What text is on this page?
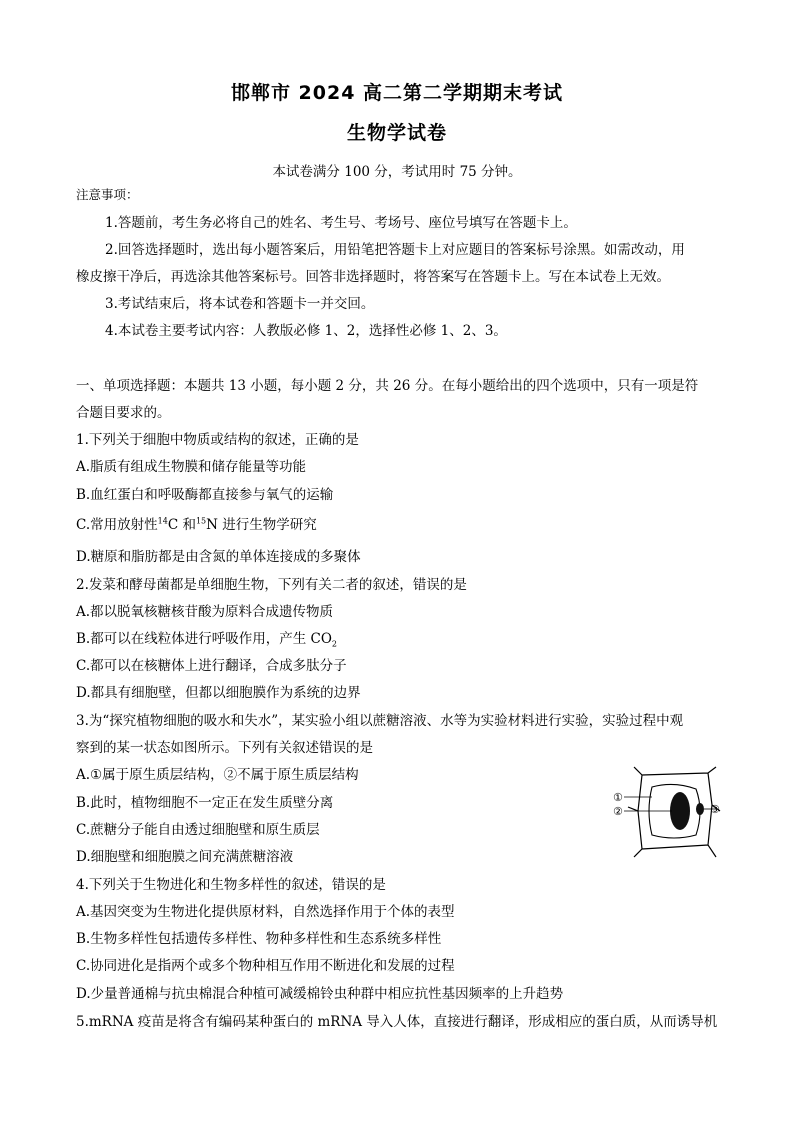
邯郸市 2024 高二第二学期期末考试
生物学试卷
本试卷满分 100 分，考试用时 75 分钟。
注意事项：
1.答题前，考生务必将自己的姓名、考生号、考场号、座位号填写在答题卡上。
2.回答选择题时，选出每小题答案后，用铅笔把答题卡上对应题目的答案标号涂黑。如需改动，用
橡皮擦干净后，再选涂其他答案标号。回答非选择题时，将答案写在答题卡上。写在本试卷上无效。
3.考试结束后，将本试卷和答题卡一并交回。
4.本试卷主要考试内容：人教版必修 1、2，选择性必修 1、2、3。
一、单项选择题：本题共 13 小题，每小题 2 分，共 26 分。在每小题给出的四个选项中，只有一项是符
合题目要求的。
1.下列关于细胞中物质或结构的叙述，正确的是
A.脂质有组成生物膜和储存能量等功能
B.血红蛋白和呼吸酶都直接参与氧气的运输
C.常用放射性$^{14}$C 和$^{15}$N 进行生物学研究
D.糖原和脂肪都是由含氮的单体连接成的多聚体
2.发菜和酵母菌都是单细胞生物，下列有关二者的叙述，错误的是
A.都以脱氧核糖核苷酸为原料合成遗传物质
B.都可以在线粒体进行呼吸作用，产生 $CO_2$
C.都可以在核糖体上进行翻译，合成多肽分子
D.都具有细胞壁，但都以细胞膜作为系统的边界
3.为“探究植物细胞的吸水和失水”，某实验小组以蔗糖溶液、水等为实验材料进行实验，实验过程中观
察到的某一状态如图所示。下列有关叙述错误的是
A.①属于原生质层结构，②不属于原生质层结构
B.此时，植物细胞不一定正在发生质壁分离
C.蔗糖分子能自由透过细胞壁和原生质层
D.细胞壁和细胞膜之间充满蔗糖溶液
①
②	③
4.下列关于生物进化和生物多样性的叙述，错误的是
A.基因突变为生物进化提供原材料，自然选择作用于个体的表型
B.生物多样性包括遗传多样性、物种多样性和生态系统多样性
C.协同进化是指两个或多个物种相互作用不断进化和发展的过程
D.少量普通棉与抗虫棉混合种植可减缓棉铃虫种群中相应抗性基因频率的上升趋势
5.mRNA 疫苗是将含有编码某种蛋白的 mRNA 导入人体，直接进行翻译，形成相应的蛋白质，从而诱导机
